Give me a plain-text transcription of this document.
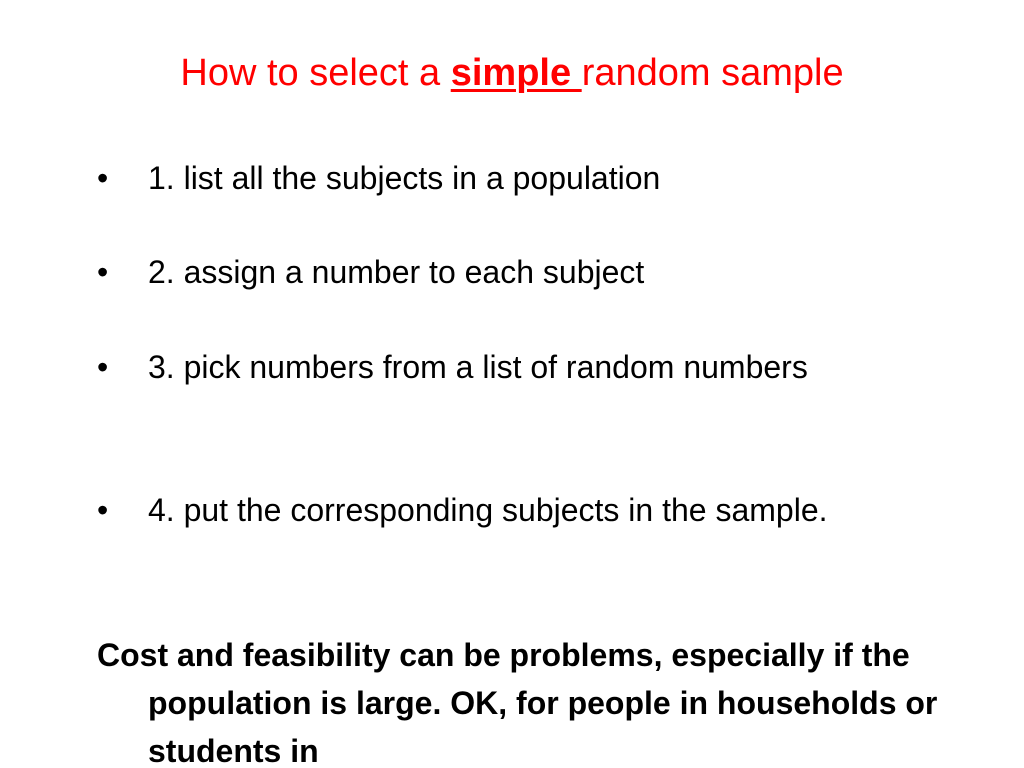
How to select a simple random sample
• 1. list all the subjects in a population
• 2. assign a number to each subject
• 3. pick numbers from a list of random numbers
• 4. put the corresponding subjects in the sample.
Cost and feasibility can be problems, especially if the population is large. OK, for people in households or students in
